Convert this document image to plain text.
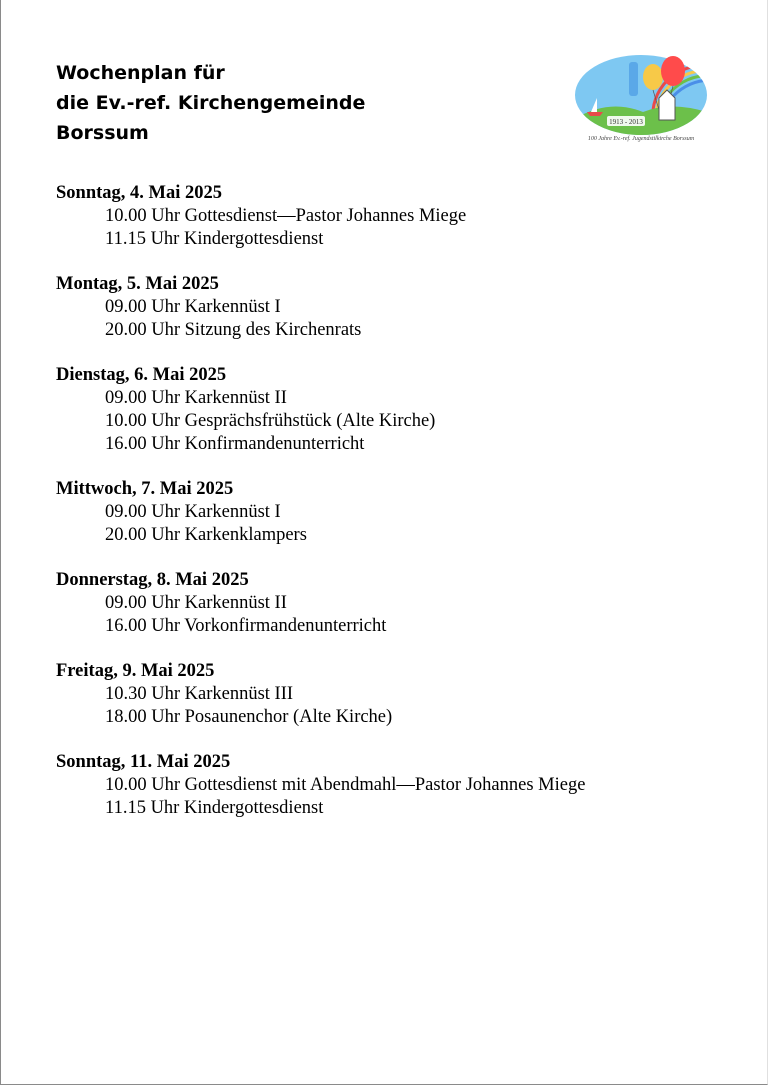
Wochenplan für
die Ev.-ref. Kirchengemeinde
Borssum	1913 - 2013
100 Jahre Ev.-ref. Jugendstilkirche Borssum
Sonntag, 4. Mai 2025
10.00 Uhr Gottesdienst—Pastor Johannes Miege
11.15 Uhr Kindergottesdienst
Montag, 5. Mai 2025
09.00 Uhr Karkennüst I
20.00 Uhr Sitzung des Kirchenrats
Dienstag, 6. Mai 2025
09.00 Uhr Karkennüst II
10.00 Uhr Gesprächsfrühstück (Alte Kirche)
16.00 Uhr Konfirmandenunterricht
Mittwoch, 7. Mai 2025
09.00 Uhr Karkennüst I
20.00 Uhr Karkenklampers
Donnerstag, 8. Mai 2025
09.00 Uhr Karkennüst II
16.00 Uhr Vorkonfirmandenunterricht
Freitag, 9. Mai 2025
10.30 Uhr Karkennüst III
18.00 Uhr Posaunenchor (Alte Kirche)
Sonntag, 11. Mai 2025
10.00 Uhr Gottesdienst mit Abendmahl—Pastor Johannes Miege
11.15 Uhr Kindergottesdienst
